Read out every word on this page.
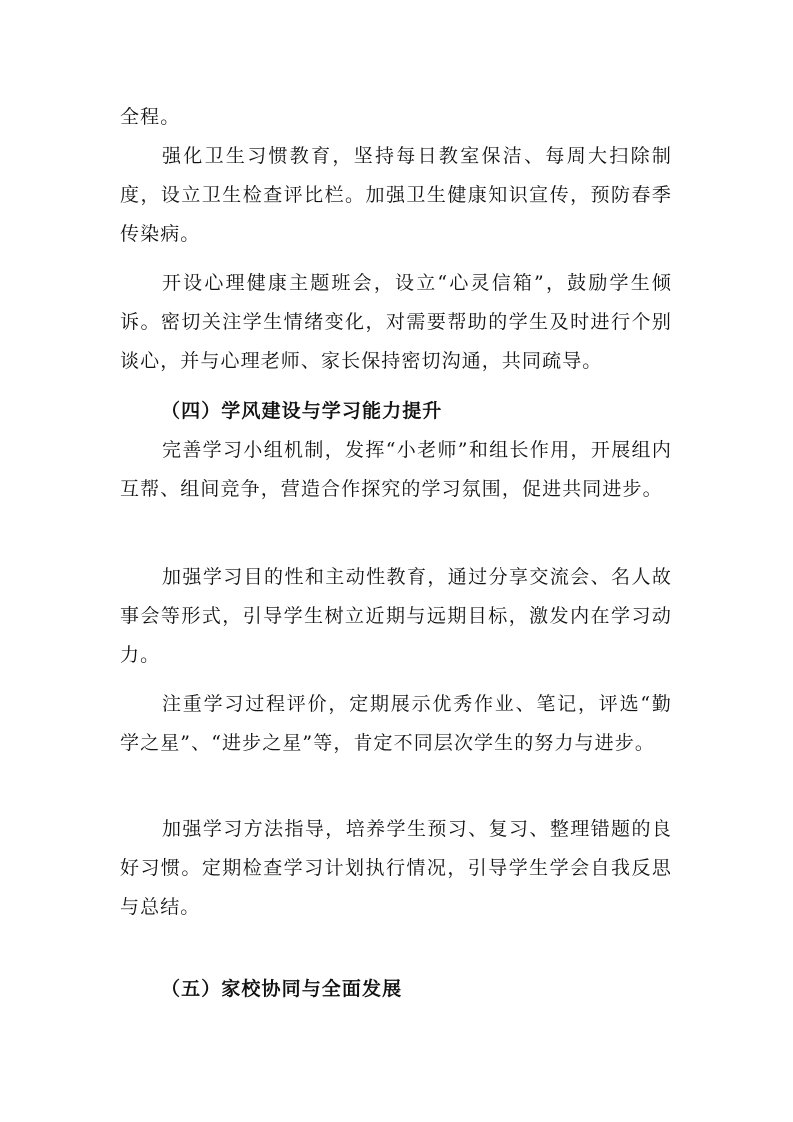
全程。

强化卫生习惯教育，坚持每日教室保洁、每周大扫除制度，设立卫生检查评比栏。加强卫生健康知识宣传，预防春季传染病。

开设心理健康主题班会，设立“心灵信箱”，鼓励学生倾诉。密切关注学生情绪变化，对需要帮助的学生及时进行个别谈心，并与心理老师、家长保持密切沟通，共同疏导。

（四）学风建设与学习能力提升

完善学习小组机制，发挥“小老师”和组长作用，开展组内互帮、组间竞争，营造合作探究的学习氛围，促进共同进步。

加强学习目的性和主动性教育，通过分享交流会、名人故事会等形式，引导学生树立近期与远期目标，激发内在学习动力。

注重学习过程评价，定期展示优秀作业、笔记，评选“勤学之星”、“进步之星”等，肯定不同层次学生的努力与进步。

加强学习方法指导，培养学生预习、复习、整理错题的良好习惯。定期检查学习计划执行情况，引导学生学会自我反思与总结。

（五）家校协同与全面发展
